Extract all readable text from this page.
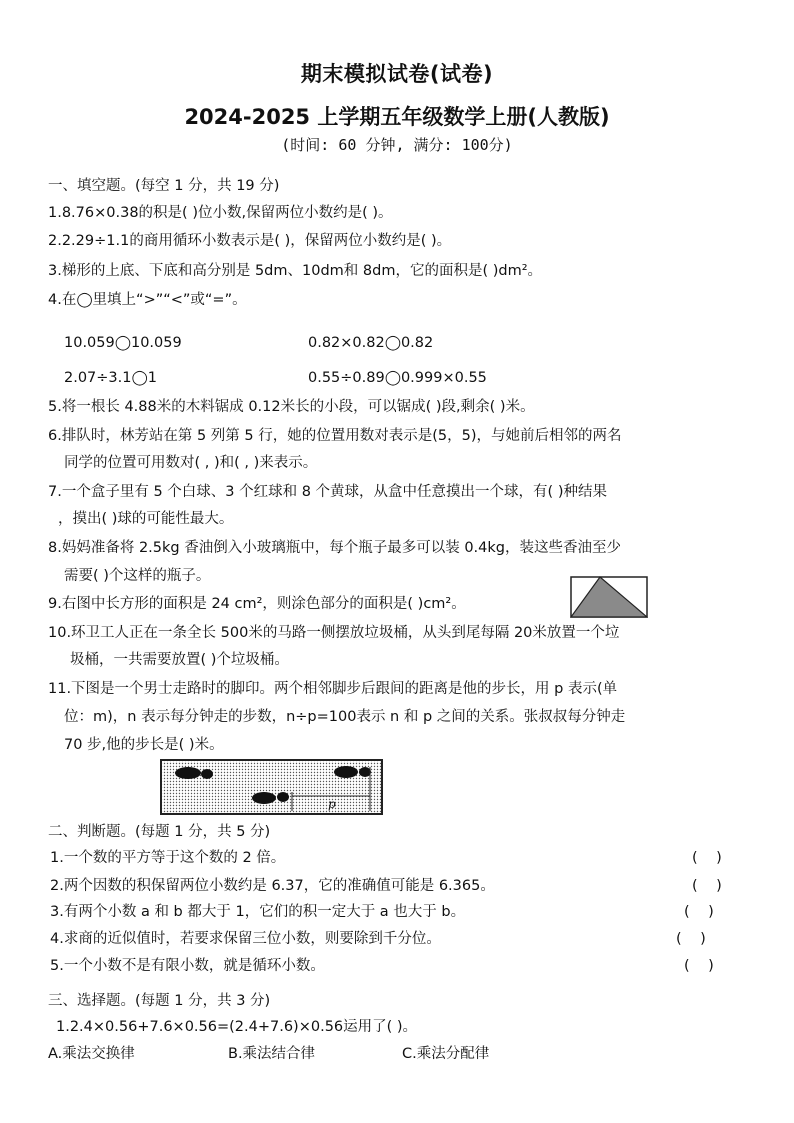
期末模拟试卷(试卷)
2024-2025 上学期五年级数学上册(人教版)
(时间: 60 分钟, 满分: 100分)
一、填空题。(每空 1 分，共 19 分)
1.8.76×0.38的积是( )位小数,保留两位小数约是( )。
2.2.29÷1.1的商用循环小数表示是( )，保留两位小数约是( )。
3.梯形的上底、下底和高分别是 5dm、10dm和 8dm，它的面积是( )dm²。
4.在◯里填上“>”“<”或“=”。
10.059◯10.059	0.82×0.82◯0.82
2.07÷3.1◯1	0.55÷0.89◯0.999×0.55
5.将一根长 4.88米的木料锯成 0.12米长的小段，可以锯成( )段,剩余( )米。
6.排队时，林芳站在第 5 列第 5 行，她的位置用数对表示是(5，5)，与她前后相邻的两名
同学的位置可用数对( , )和( , )来表示。
7.一个盒子里有 5 个白球、3 个红球和 8 个黄球，从盒中任意摸出一个球，有( )种结果
，摸出( )球的可能性最大。
8.妈妈准备将 2.5kg 香油倒入小玻璃瓶中，每个瓶子最多可以装 0.4kg，装这些香油至少
需要( )个这样的瓶子。
9.右图中长方形的面积是 24 cm²，则涂色部分的面积是( )cm²。
10.环卫工人正在一条全长 500米的马路一侧摆放垃圾桶，从头到尾每隔 20米放置一个垃
圾桶，一共需要放置( )个垃圾桶。
11.下图是一个男士走路时的脚印。两个相邻脚步后跟间的距离是他的步长，用 p 表示(单
位：m)，n 表示每分钟走的步数，n÷p=100表示 n 和 p 之间的关系。张叔叔每分钟走
70 步,他的步长是( )米。
p
二、判断题。(每题 1 分，共 5 分)
1.一个数的平方等于这个数的 2 倍。	(    )
2.两个因数的积保留两位小数约是 6.37，它的准确值可能是 6.365。	(    )
3.有两个小数 a 和 b 都大于 1，它们的积一定大于 a 也大于 b。	(    )
4.求商的近似值时，若要求保留三位小数，则要除到千分位。	(    )
5.一个小数不是有限小数，就是循环小数。	(    )
三、选择题。(每题 1 分，共 3 分)
1.2.4×0.56+7.6×0.56=(2.4+7.6)×0.56运用了( )。
A.乘法交换律	B.乘法结合律	C.乘法分配律
